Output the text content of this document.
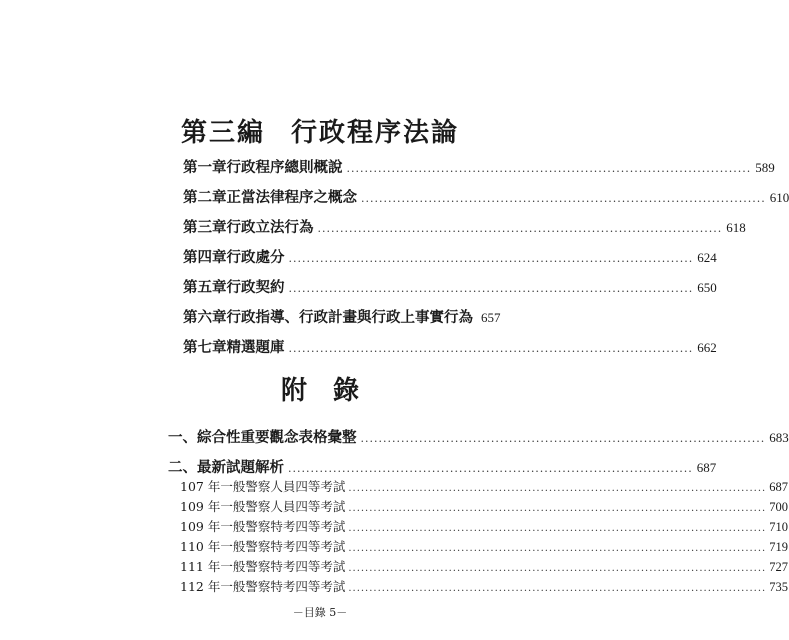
第三編 行政程序法論
第一章 行政程序總則概說 .......................................................................................... 589
第二章 正當法律程序之概念 .......................................................................................... 610
第三章 行政立法行為 .......................................................................................... 618
第四章 行政處分 .......................................................................................... 624
第五章 行政契約 .......................................................................................... 650
第六章 行政指導、行政計畫與行政上事實行為 657
第七章 精選題庫 .......................................................................................... 662
附 錄
一、綜合性重要觀念表格彙整 .......................................................................................... 683
二、最新試題解析 .......................................................................................... 687
107 年一般警察人員四等考試 .................................................................................................... 687
109 年一般警察人員四等考試 .................................................................................................... 700
109 年一般警察特考四等考試 .................................................................................................... 710
110 年一般警察特考四等考試 .................................................................................................... 719
111 年一般警察特考四等考試 .................................................................................................... 727
112 年一般警察特考四等考試 .................................................................................................... 735
－目錄 5－
